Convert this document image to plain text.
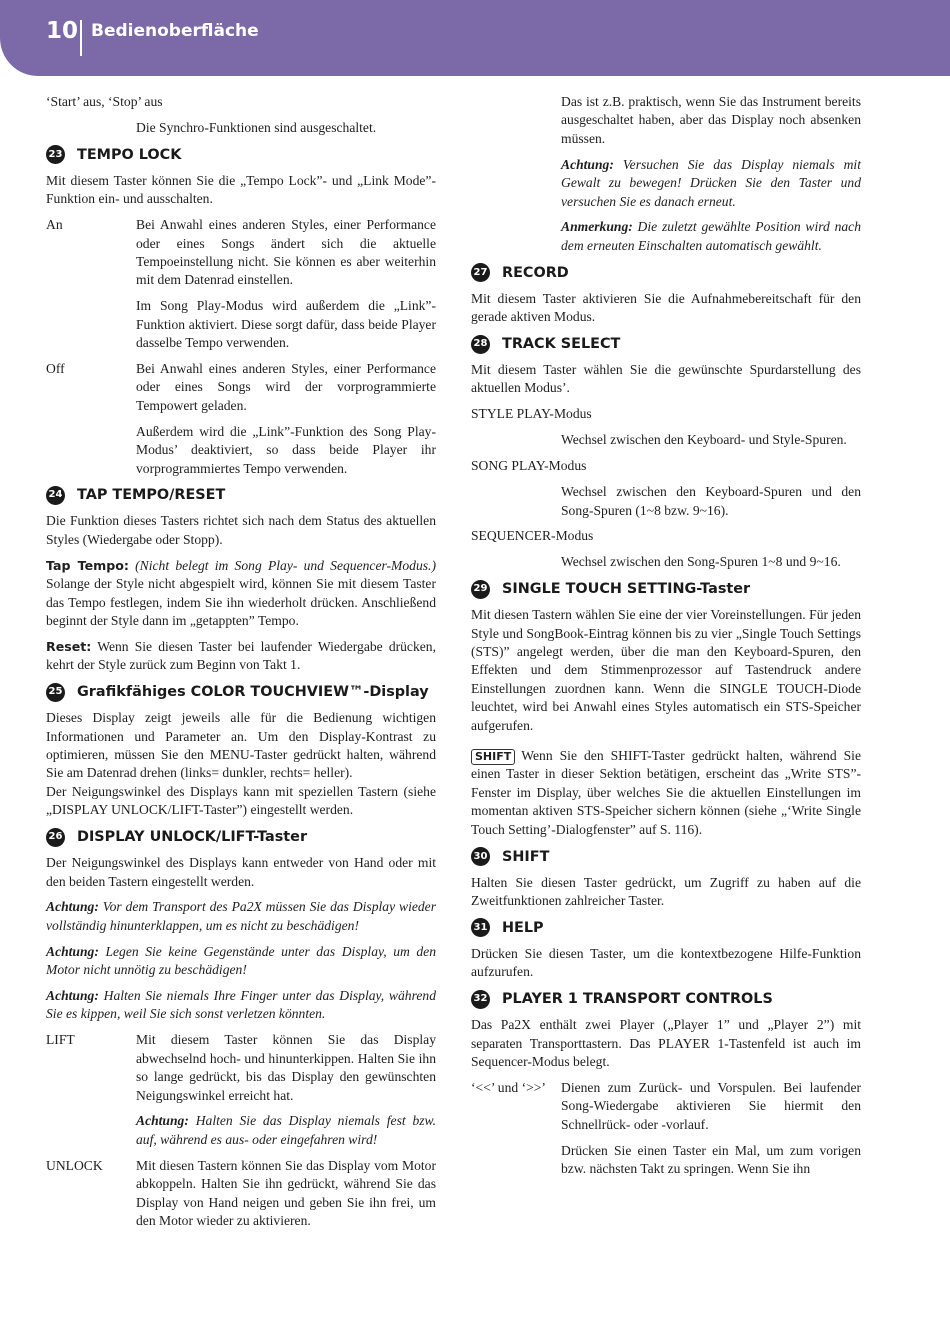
10 Bedienoberfläche

‘Start’ aus, ‘Stop’ aus

Die Synchro-Funktionen sind ausgeschaltet.

23 TEMPO LOCK

Mit diesem Taster können Sie die „Tempo Lock”- und „Link Mode”-Funktion ein- und ausschalten.

An	Bei Anwahl eines anderen Styles, einer Performance oder eines Songs ändert sich die aktuelle Tempoeinstellung nicht. Sie können es aber weiterhin mit dem Datenrad einstellen.

Im Song Play-Modus wird außerdem die „Link”-Funktion aktiviert. Diese sorgt dafür, dass beide Player dasselbe Tempo verwenden.

Off	Bei Anwahl eines anderen Styles, einer Performance oder eines Songs wird der vorprogrammierte Tempowert geladen.

Außerdem wird die „Link”-Funktion des Song Play-Modus’ deaktiviert, so dass beide Player ihr vorprogrammiertes Tempo verwenden.

24 TAP TEMPO/RESET

Die Funktion dieses Tasters richtet sich nach dem Status des aktuellen Styles (Wiedergabe oder Stopp).

Tap Tempo: (Nicht belegt im Song Play- und Sequencer-Modus.) Solange der Style nicht abgespielt wird, können Sie mit diesem Taster das Tempo festlegen, indem Sie ihn wiederholt drücken. Anschließend beginnt der Style dann im „getappten” Tempo.

Reset: Wenn Sie diesen Taster bei laufender Wiedergabe drücken, kehrt der Style zurück zum Beginn von Takt 1.

25 Grafikfähiges COLOR TOUCHVIEW™-Display

Dieses Display zeigt jeweils alle für die Bedienung wichtigen Informationen und Parameter an. Um den Display-Kontrast zu optimieren, müssen Sie den MENU-Taster gedrückt halten, während Sie am Datenrad drehen (links= dunkler, rechts= heller).

Der Neigungswinkel des Displays kann mit speziellen Tastern (siehe „DISPLAY UNLOCK/LIFT-Taster”) eingestellt werden.

26 DISPLAY UNLOCK/LIFT-Taster

Der Neigungswinkel des Displays kann entweder von Hand oder mit den beiden Tastern eingestellt werden.

Achtung: Vor dem Transport des Pa2X müssen Sie das Display wieder vollständig hinunterklappen, um es nicht zu beschädigen!

Achtung: Legen Sie keine Gegenstände unter das Display, um den Motor nicht unnötig zu beschädigen!

Achtung: Halten Sie niemals Ihre Finger unter das Display, während Sie es kippen, weil Sie sich sonst verletzen könnten.

LIFT	Mit diesem Taster können Sie das Display abwechselnd hoch- und hinunterkippen. Halten Sie ihn so lange gedrückt, bis das Display den gewünschten Neigungswinkel erreicht hat.

Achtung: Halten Sie das Display niemals fest bzw. auf, während es aus- oder eingefahren wird!

UNLOCK	Mit diesen Tastern können Sie das Display vom Motor abkoppeln. Halten Sie ihn gedrückt, während Sie das Display von Hand neigen und geben Sie ihn frei, um den Motor wieder zu aktivieren.

Das ist z.B. praktisch, wenn Sie das Instrument bereits ausgeschaltet haben, aber das Display noch absenken müssen.

Achtung: Versuchen Sie das Display niemals mit Gewalt zu bewegen! Drücken Sie den Taster und versuchen Sie es danach erneut.

Anmerkung: Die zuletzt gewählte Position wird nach dem erneuten Einschalten automatisch gewählt.

27 RECORD

Mit diesem Taster aktivieren Sie die Aufnahmebereitschaft für den gerade aktiven Modus.

28 TRACK SELECT

Mit diesem Taster wählen Sie die gewünschte Spurdarstellung des aktuellen Modus’.

STYLE PLAY-Modus

Wechsel zwischen den Keyboard- und Style-Spuren.

SONG PLAY-Modus

Wechsel zwischen den Keyboard-Spuren und den Song-Spuren (1~8 bzw. 9~16).

SEQUENCER-Modus

Wechsel zwischen den Song-Spuren 1~8 und 9~16.

29 SINGLE TOUCH SETTING-Taster

Mit diesen Tastern wählen Sie eine der vier Voreinstellungen. Für jeden Style und SongBook-Eintrag können bis zu vier „Single Touch Settings (STS)” angelegt werden, über die man den Keyboard-Spuren, den Effekten und dem Stimmenprozessor auf Tastendruck andere Einstellungen zuordnen kann. Wenn die SINGLE TOUCH-Diode leuchtet, wird bei Anwahl eines Styles automatisch ein STS-Speicher aufgerufen.

SHIFT Wenn Sie den SHIFT-Taster gedrückt halten, während Sie einen Taster in dieser Sektion betätigen, erscheint das „Write STS”-Fenster im Display, über welches Sie die aktuellen Einstellungen im momentan aktiven STS-Speicher sichern können (siehe „‘Write Single Touch Setting’-Dialogfenster” auf S. 116).

30 SHIFT

Halten Sie diesen Taster gedrückt, um Zugriff zu haben auf die Zweitfunktionen zahlreicher Taster.

31 HELP

Drücken Sie diesen Taster, um die kontextbezogene Hilfe-Funktion aufzurufen.

32 PLAYER 1 TRANSPORT CONTROLS

Das Pa2X enthält zwei Player („Player 1” und „Player 2”) mit separaten Transporttastern. Das PLAYER 1-Tastenfeld ist auch im Sequencer-Modus belegt.

‘<<’ und ‘>>’	Dienen zum Zurück- und Vorspulen. Bei laufender Song-Wiedergabe aktivieren Sie hiermit den Schnellrück- oder -vorlauf.

Drücken Sie einen Taster ein Mal, um zum vorigen bzw. nächsten Takt zu springen. Wenn Sie ihn
